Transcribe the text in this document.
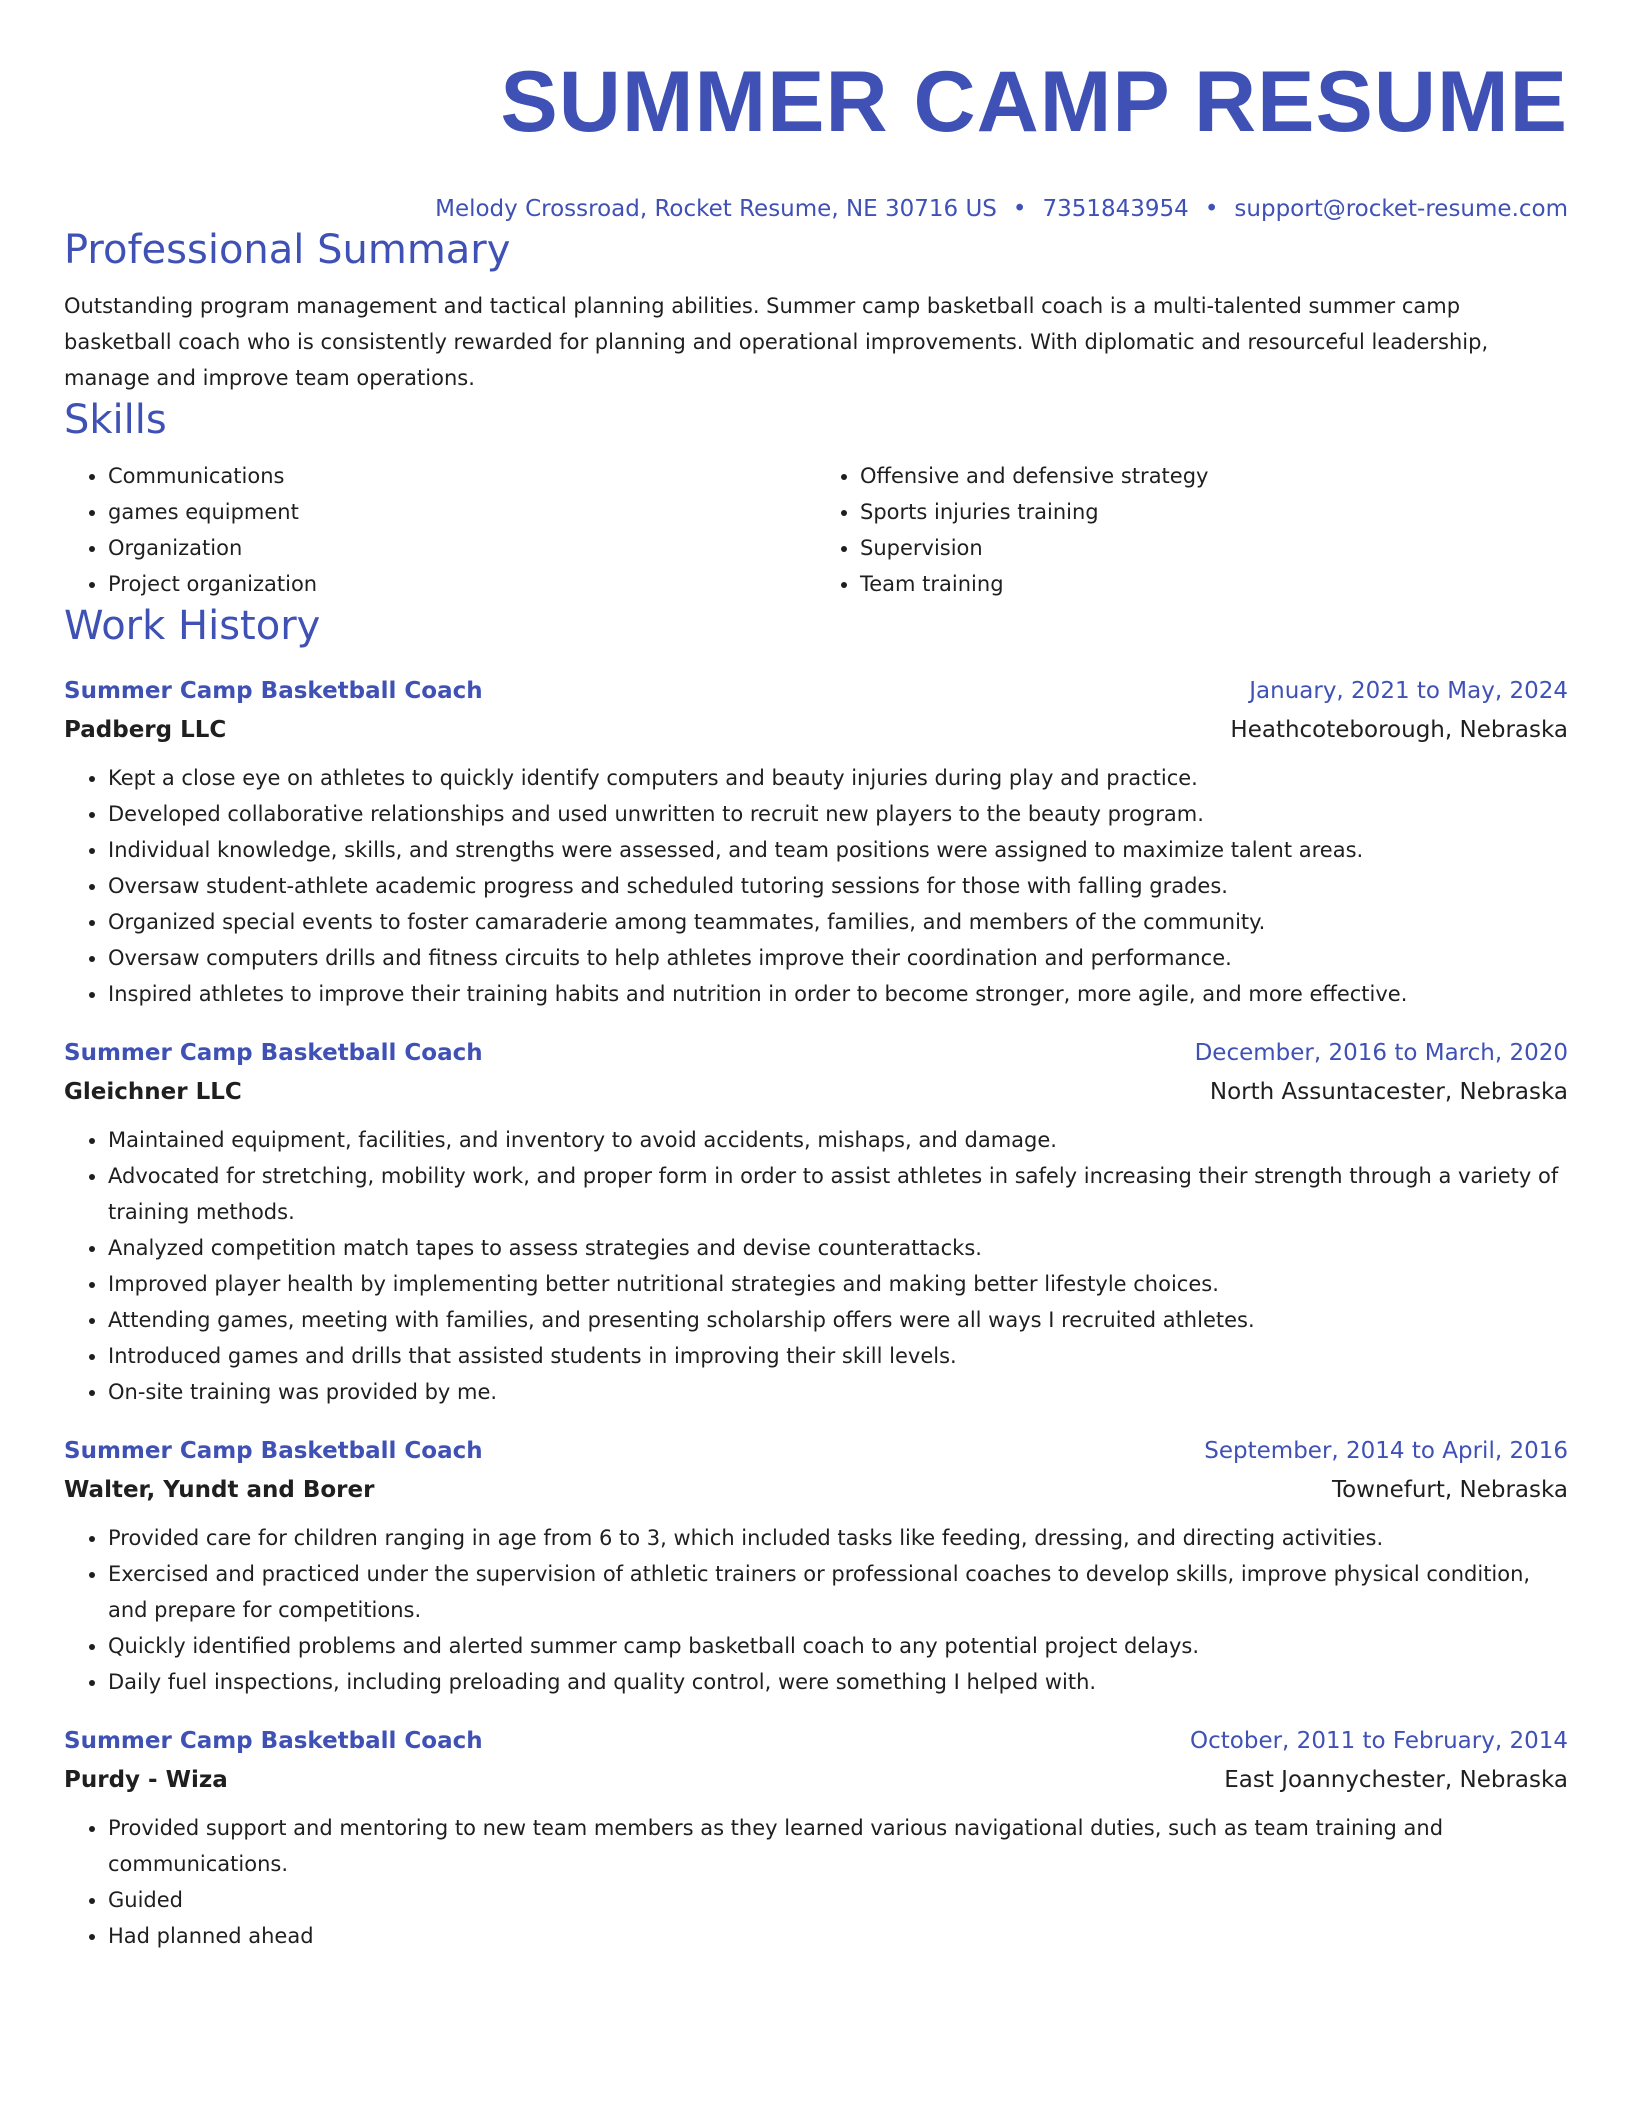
SUMMER CAMP RESUME
Melody Crossroad, Rocket Resume, NE 30716 US • 7351843954 • support@rocket-resume.com
Professional Summary
Outstanding program management and tactical planning abilities. Summer camp basketball coach is a multi-talented summer camp basketball coach who is consistently rewarded for planning and operational improvements. With diplomatic and resourceful leadership, manage and improve team operations.
Skills
• Communications
• games equipment
• Organization
• Project organization
• Offensive and defensive strategy
• Sports injuries training
• Supervision
• Team training
Work History
Summer Camp Basketball Coach	January, 2021 to May, 2024
Padberg LLC	Heathcoteborough, Nebraska
• Kept a close eye on athletes to quickly identify computers and beauty injuries during play and practice.
• Developed collaborative relationships and used unwritten to recruit new players to the beauty program.
• Individual knowledge, skills, and strengths were assessed, and team positions were assigned to maximize talent areas.
• Oversaw student-athlete academic progress and scheduled tutoring sessions for those with falling grades.
• Organized special events to foster camaraderie among teammates, families, and members of the community.
• Oversaw computers drills and fitness circuits to help athletes improve their coordination and performance.
• Inspired athletes to improve their training habits and nutrition in order to become stronger, more agile, and more effective.
Summer Camp Basketball Coach	December, 2016 to March, 2020
Gleichner LLC	North Assuntacester, Nebraska
• Maintained equipment, facilities, and inventory to avoid accidents, mishaps, and damage.
• Advocated for stretching, mobility work, and proper form in order to assist athletes in safely increasing their strength through a variety of training methods.
• Analyzed competition match tapes to assess strategies and devise counterattacks.
• Improved player health by implementing better nutritional strategies and making better lifestyle choices.
• Attending games, meeting with families, and presenting scholarship offers were all ways I recruited athletes.
• Introduced games and drills that assisted students in improving their skill levels.
• On-site training was provided by me.
Summer Camp Basketball Coach	September, 2014 to April, 2016
Walter, Yundt and Borer	Townefurt, Nebraska
• Provided care for children ranging in age from 6 to 3, which included tasks like feeding, dressing, and directing activities.
• Exercised and practiced under the supervision of athletic trainers or professional coaches to develop skills, improve physical condition, and prepare for competitions.
• Quickly identified problems and alerted summer camp basketball coach to any potential project delays.
• Daily fuel inspections, including preloading and quality control, were something I helped with.
Summer Camp Basketball Coach	October, 2011 to February, 2014
Purdy - Wiza	East Joannychester, Nebraska
• Provided support and mentoring to new team members as they learned various navigational duties, such as team training and communications.
• Guided
• Had planned ahead
